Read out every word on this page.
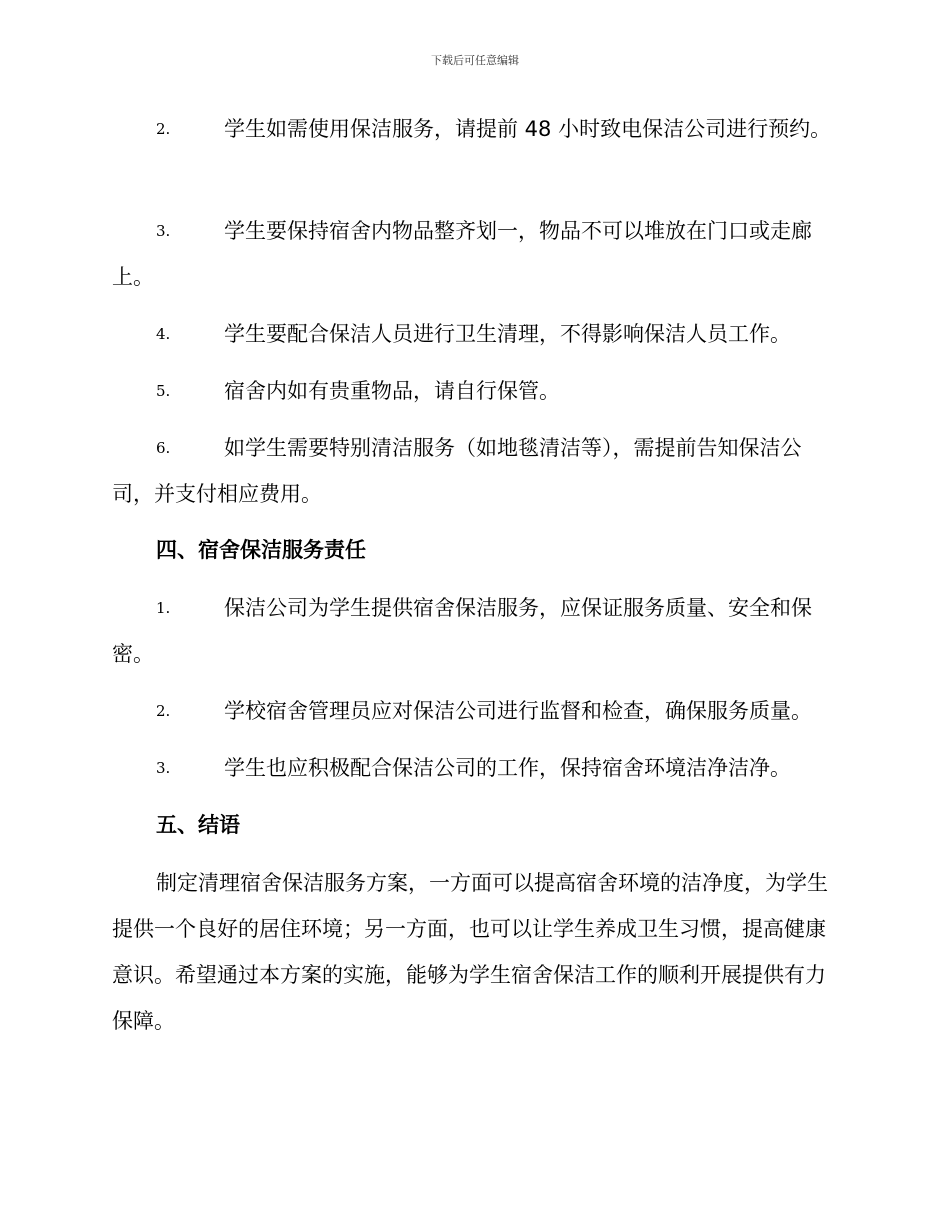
下载后可任意编辑
2.	学生如需使用保洁服务，请提前 48 小时致电保洁公司进行预约。

3.	学生要保持宿舍内物品整齐划一，物品不可以堆放在门口或走廊上。

4.	学生要配合保洁人员进行卫生清理，不得影响保洁人员工作。

5.	宿舍内如有贵重物品，请自行保管。

6.	如学生需要特别清洁服务（如地毯清洁等），需提前告知保洁公司，并支付相应费用。

四、宿舍保洁服务责任
1.	保洁公司为学生提供宿舍保洁服务，应保证服务质量、安全和保密。

2.	学校宿舍管理员应对保洁公司进行监督和检查，确保服务质量。

3.	学生也应积极配合保洁公司的工作，保持宿舍环境洁净洁净。

五、结语

制定清理宿舍保洁服务方案，一方面可以提高宿舍环境的洁净度，为学生提供一个良好的居住环境；另一方面，也可以让学生养成卫生习惯，提高健康意识。希望通过本方案的实施，能够为学生宿舍保洁工作的顺利开展提供有力保障。
